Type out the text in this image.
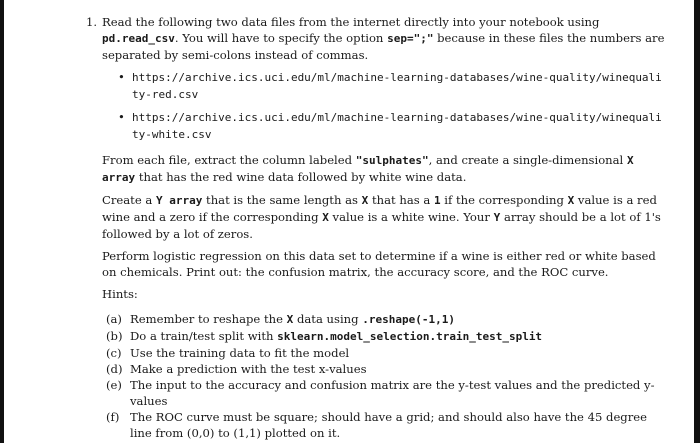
1. Read the following two data files from the internet directly into your notebook using pd.read_csv. You will have to specify the option sep=";" because in these files the numbers are separated by semi-colons instead of commas.

• https://archive.ics.uci.edu/ml/machine-learning-databases/wine-quality/winequality-red.csv
• https://archive.ics.uci.edu/ml/machine-learning-databases/wine-quality/winequality-white.csv

From each file, extract the column labeled "sulphates", and create a single-dimensional X array that has the red wine data followed by white wine data.

Create a Y array that is the same length as X that has a 1 if the corresponding X value is a red wine and a zero if the corresponding X value is a white wine. Your Y array should be a lot of 1's followed by a lot of zeros.

Perform logistic regression on this data set to determine if a wine is either red or white based on chemicals. Print out: the confusion matrix, the accuracy score, and the ROC curve.

Hints:

(a) Remember to reshape the X data using .reshape(-1,1)
(b) Do a train/test split with sklearn.model_selection.train_test_split
(c) Use the training data to fit the model
(d) Make a prediction with the test x-values
(e) The input to the accuracy and confusion matrix are the y-test values and the predicted y-values
(f) The ROC curve must be square; should have a grid; and should also have the 45 degree line from (0,0) to (1,1) plotted on it.
